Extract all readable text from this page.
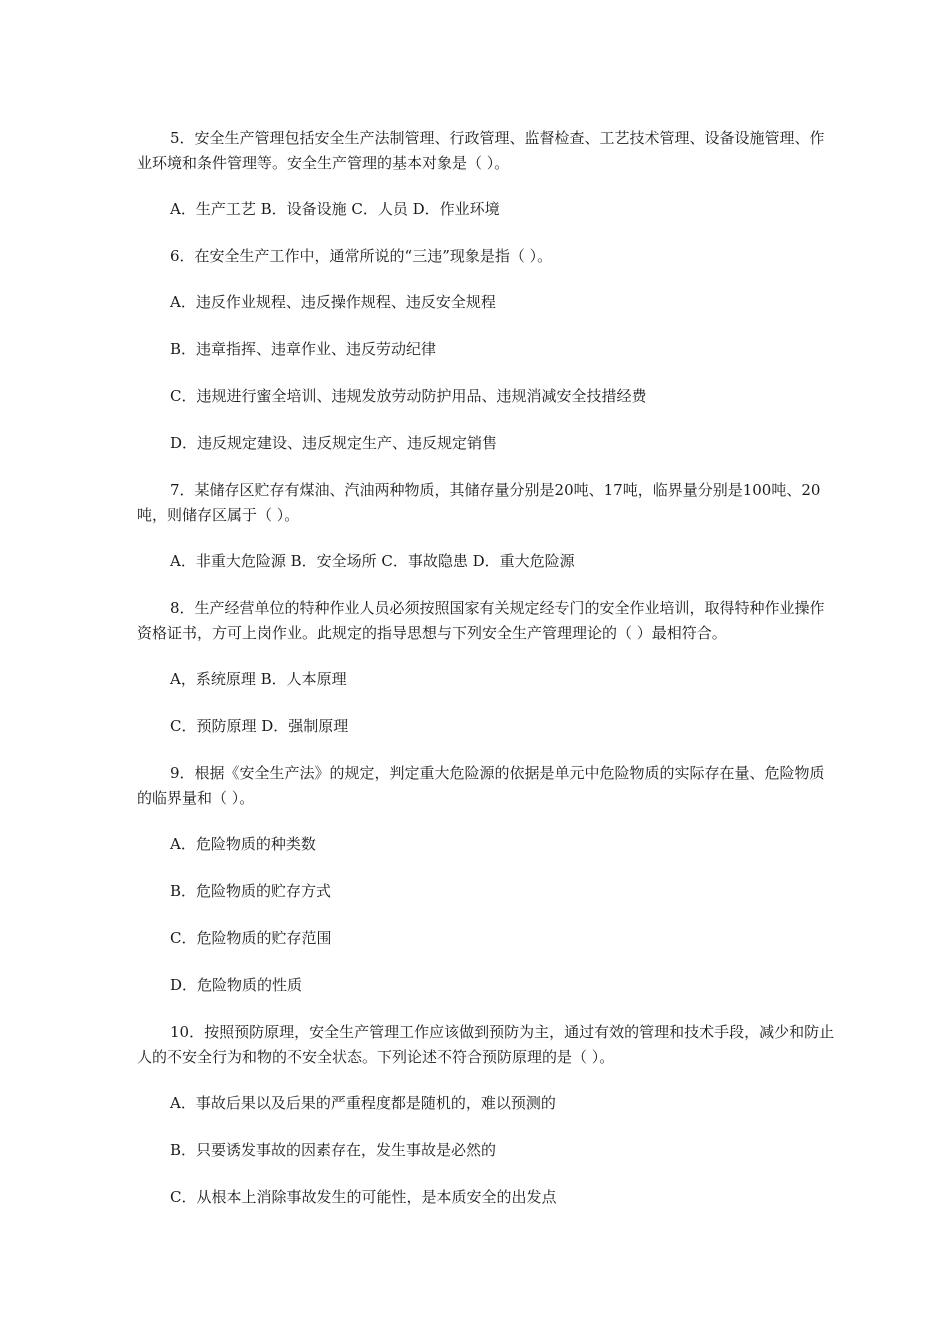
5．安全生产管理包括安全生产法制管理、行政管理、监督检查、工艺技术管理、设备设施管理、作业环境和条件管理等。安全生产管理的基本对象是（ ）。

A．生产工艺 B．设备设施 C．人员 D．作业环境

6．在安全生产工作中，通常所说的“三违”现象是指（ ）。

A．违反作业规程、违反操作规程、违反安全规程

B．违章指挥、违章作业、违反劳动纪律

C．违规进行蜜全培训、违规发放劳动防护用品、违规消减安全技措经费

D．违反规定建设、违反规定生产、违反规定销售

7．某储存区贮存有煤油、汽油两种物质，其储存量分别是20吨、17吨，临界量分别是100吨、20吨，则储存区属于（ ）。

A．非重大危险源 B．安全场所 C．事故隐患 D．重大危险源

8．生产经营单位的特种作业人员必须按照国家有关规定经专门的安全作业培训，取得特种作业操作资格证书，方可上岗作业。此规定的指导思想与下列安全生产管理理论的（ ）最相符合。

A，系统原理 B．人本原理

C．预防原理 D．强制原理

9．根据《安全生产法》的规定，判定重大危险源的依据是单元中危险物质的实际存在量、危险物质的临界量和（ ）。

A．危险物质的种类数

B．危险物质的贮存方式

C．危险物质的贮存范围

D．危险物质的性质

10．按照预防原理，安全生产管理工作应该做到预防为主，通过有效的管理和技术手段，减少和防止人的不安全行为和物的不安全状态。下列论述不符合预防原理的是（ ）。

A．事故后果以及后果的严重程度都是随机的，难以预测的

B．只要诱发事故的因素存在，发生事故是必然的

C．从根本上消除事故发生的可能性，是本质安全的出发点
